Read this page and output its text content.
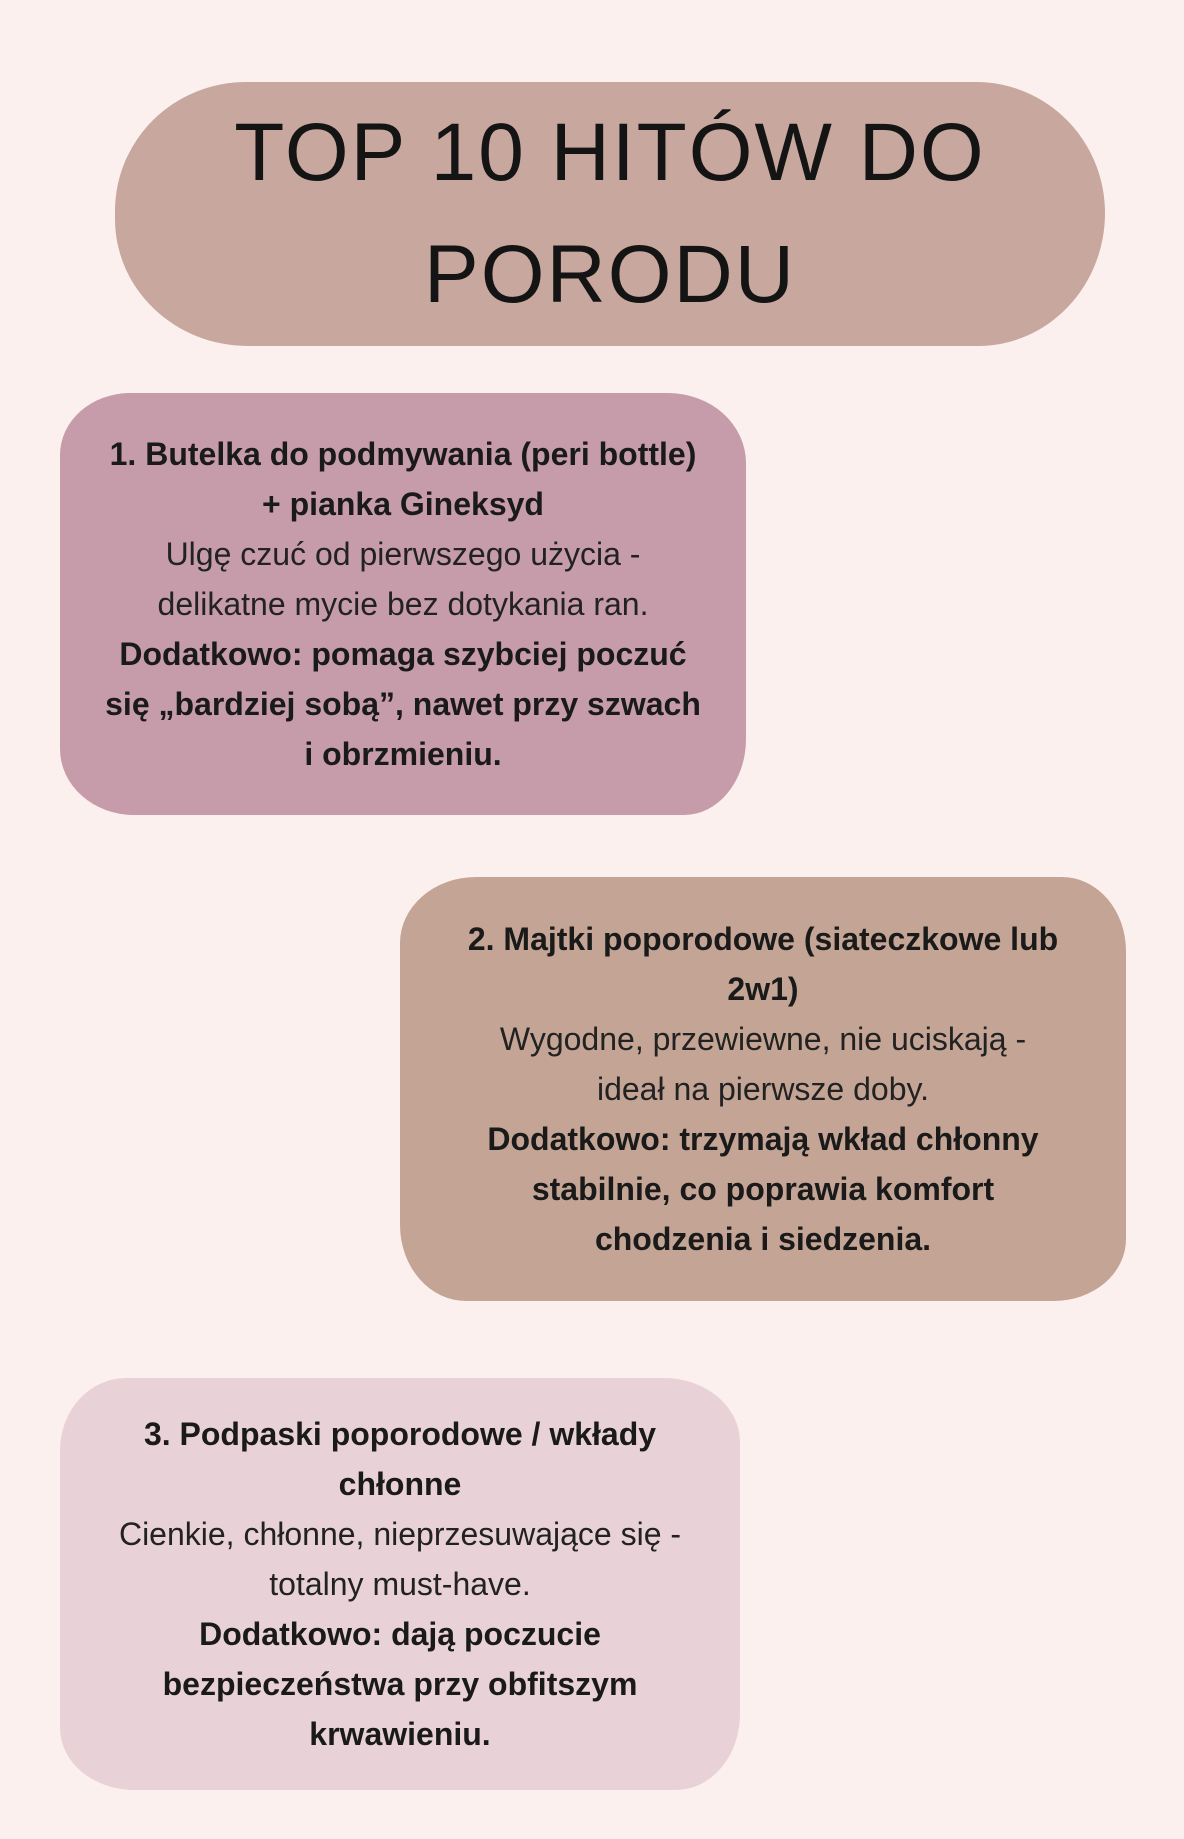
TOP 10 HITÓW DO
PORODU

1. Butelka do podmywania (peri bottle)

+ pianka Gineksyd

Ulgę czuć od pierwszego użycia -

delikatne mycie bez dotykania ran.

Dodatkowo: pomaga szybciej poczuć

się „bardziej sobą”, nawet przy szwach

i obrzmieniu.

2. Majtki poporodowe (siateczkowe lub

2w1)

Wygodne, przewiewne, nie uciskają -

ideał na pierwsze doby.

Dodatkowo: trzymają wkład chłonny

stabilnie, co poprawia komfort

chodzenia i siedzenia.

3. Podpaski poporodowe / wkłady

chłonne

Cienkie, chłonne, nieprzesuwające się -

totalny must-have.

Dodatkowo: dają poczucie

bezpieczeństwa przy obfitszym

krwawieniu.
